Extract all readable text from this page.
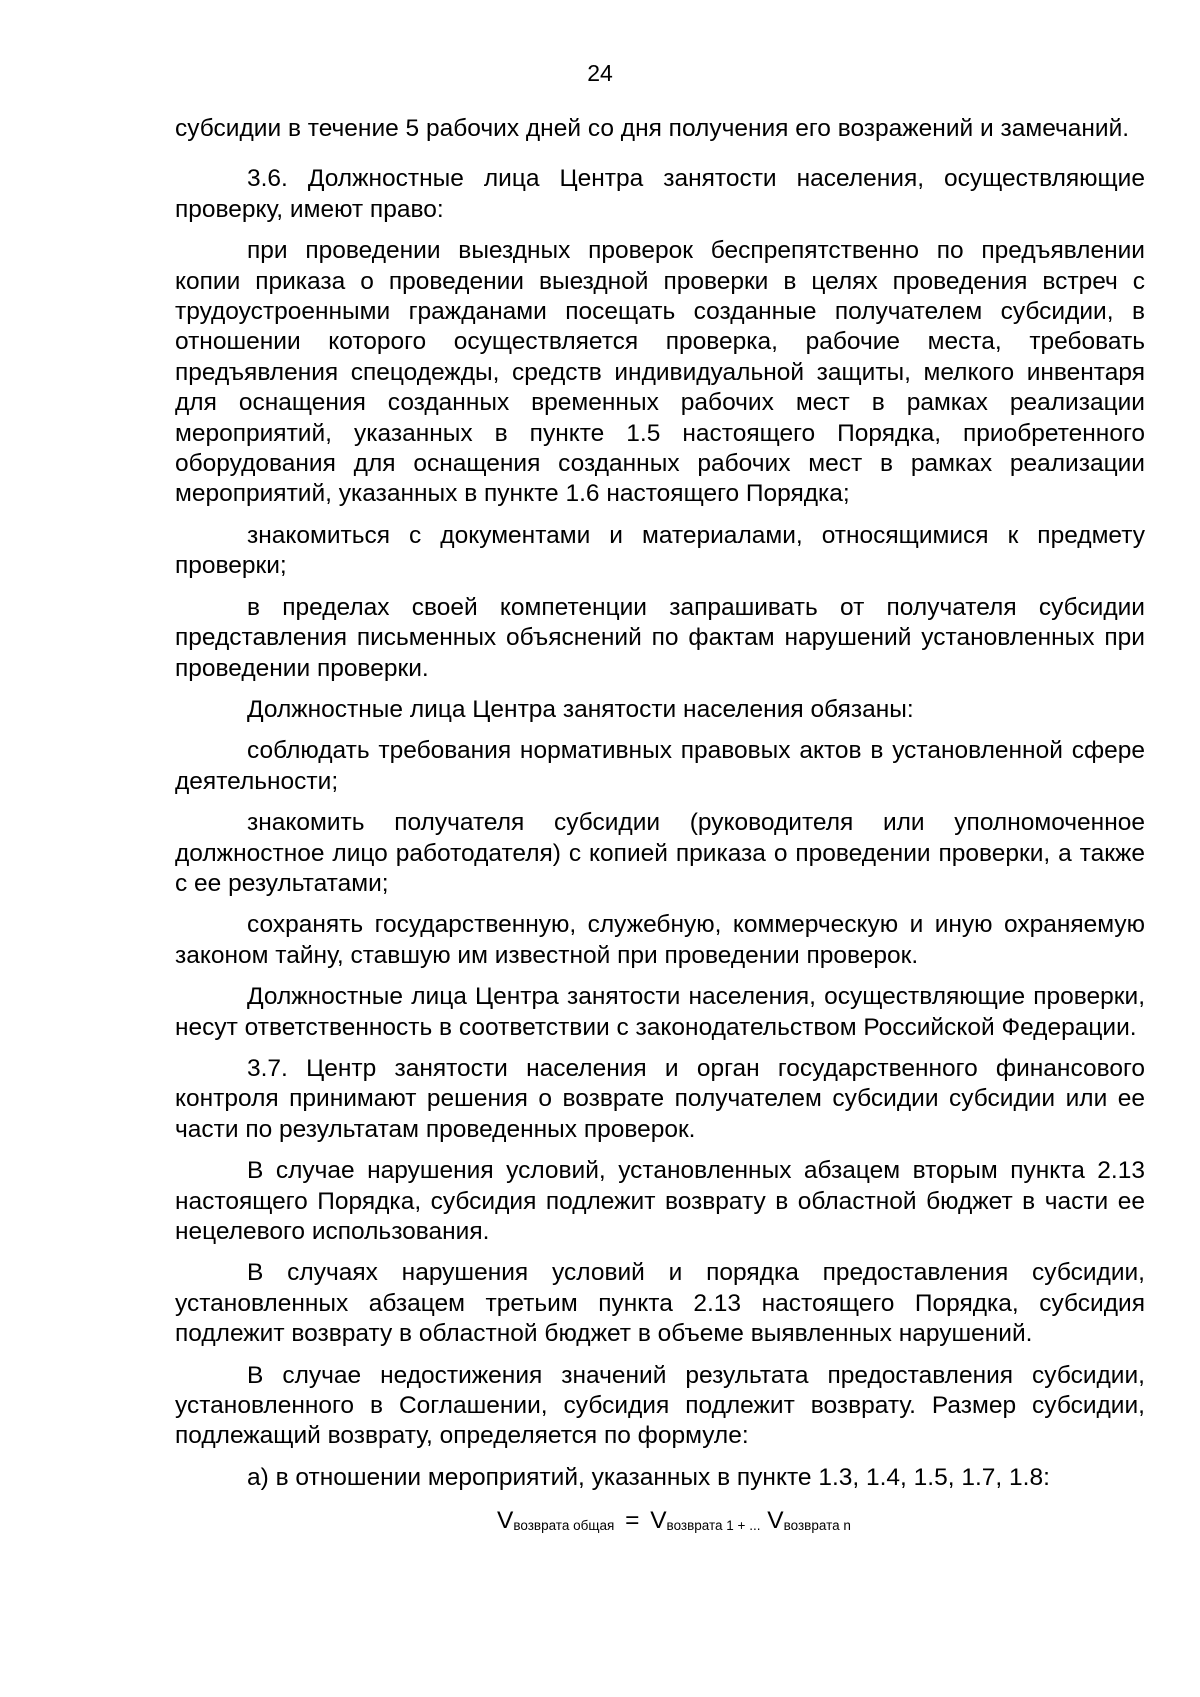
24

субсидии в течение 5 рабочих дней со дня получения его возражений и замечаний.

3.6. Должностные лица Центра занятости населения, осуществляющие проверку, имеют право:

при проведении выездных проверок беспрепятственно по предъявлении копии приказа о проведении выездной проверки в целях проведения встреч с трудоустроенными гражданами посещать созданные получателем субсидии, в отношении которого осуществляется проверка, рабочие места, требовать предъявления спецодежды, средств индивидуальной защиты, мелкого инвентаря для оснащения созданных временных рабочих мест в рамках реализации мероприятий, указанных в пункте 1.5 настоящего Порядка, приобретенного оборудования для оснащения созданных рабочих мест в рамках реализации мероприятий, указанных в пункте 1.6 настоящего Порядка;

знакомиться с документами и материалами, относящимися к предмету проверки;

в пределах своей компетенции запрашивать от получателя субсидии представления письменных объяснений по фактам нарушений установленных при проведении проверки.

Должностные лица Центра занятости населения обязаны:

соблюдать требования нормативных правовых актов в установленной сфере деятельности;

знакомить получателя субсидии (руководителя или уполномоченное должностное лицо работодателя) с копией приказа о проведении проверки, а также с ее результатами;

сохранять государственную, служебную, коммерческую и иную охраняемую законом тайну, ставшую им известной при проведении проверок.

Должностные лица Центра занятости населения, осуществляющие проверки, несут ответственность в соответствии с законодательством Российской Федерации.

3.7. Центр занятости населения и орган государственного финансового контроля принимают решения о возврате получателем субсидии субсидии или ее части по результатам проведенных проверок.

В случае нарушения условий, установленных абзацем вторым пункта 2.13 настоящего Порядка, субсидия подлежит возврату в областной бюджет в части ее нецелевого использования.

В случаях нарушения условий и порядка предоставления субсидии, установленных абзацем третьим пункта 2.13 настоящего Порядка, субсидия подлежит возврату в областной бюджет в объеме выявленных нарушений.

В случае недостижения значений результата предоставления субсидии, установленного в Соглашении, субсидия подлежит возврату. Размер субсидии, подлежащий возврату, определяется по формуле:

а) в отношении мероприятий, указанных в пункте 1.3, 1.4, 1.5, 1.7, 1.8:

Vвозврата общая = Vвозврата 1 + ... Vвозврата n
